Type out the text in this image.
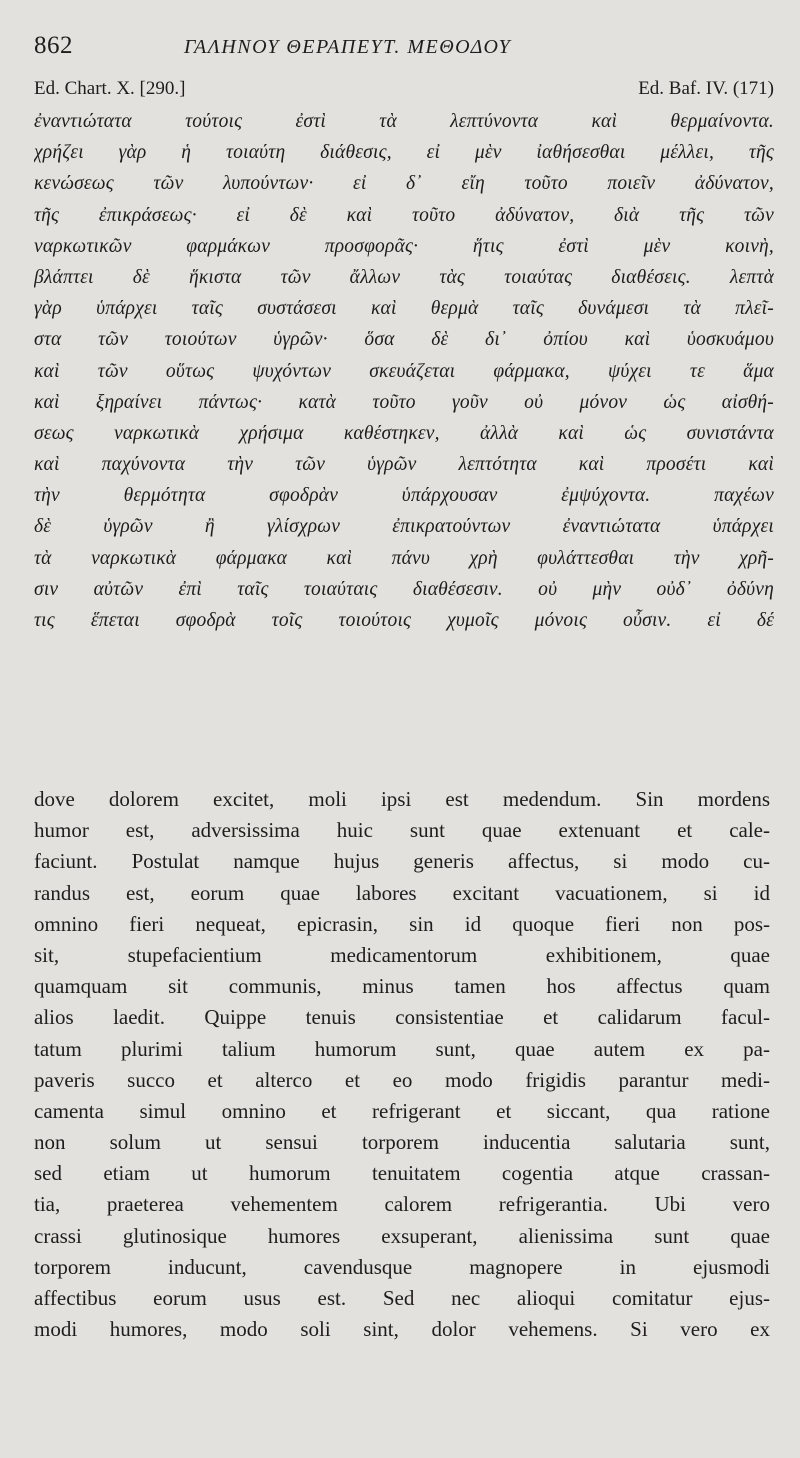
862	ΓΑΛΗΝΟΥ ΘΕΡΑΠΕΥΤ. ΜΕΘΟΔΟΥ
Ed. Chart. X. [290.]	Ed. Baf. IV. (171)
ἐναντιώτατα τούτοις ἐστὶ τὰ λεπτύνοντα καὶ θερμαίνοντα.
χρήζει γὰρ ἡ τοιαύτη διάθεσις, εἰ μὲν ἰαθήσεσθαι μέλλει, τῆς
κενώσεως τῶν λυπούντων· εἰ δ᾿ εἴη τοῦτο ποιεῖν ἀδύνατον,
τῆς ἐπικράσεως· εἰ δὲ καὶ τοῦτο ἀδύνατον, διὰ τῆς τῶν
ναρκωτικῶν φαρμάκων προσφορᾶς· ἥτις ἐστὶ μὲν κοινὴ,
βλάπτει δὲ ἥκιστα τῶν ἄλλων τὰς τοιαύτας διαθέσεις. λεπτὰ
γὰρ ὑπάρχει ταῖς συστάσεσι καὶ θερμὰ ταῖς δυνάμεσι τὰ πλεῖ-
στα τῶν τοιούτων ὑγρῶν· ὅσα δὲ δι᾿ ὀπίου καὶ ὑοσκυάμου
καὶ τῶν οὕτως ψυχόντων σκευάζεται φάρμακα, ψύχει τε ἅμα
καὶ ξηραίνει πάντως· κατὰ τοῦτο γοῦν οὐ μόνον ὡς αἰσθή-
σεως ναρκωτικὰ χρήσιμα καθέστηκεν, ἀλλὰ καὶ ὡς συνιστάντα
καὶ παχύνοντα τὴν τῶν ὑγρῶν λεπτότητα καὶ προσέτι καὶ
τὴν θερμότητα σφοδρὰν ὑπάρχουσαν ἐμψύχοντα. παχέων
δὲ ὑγρῶν ἢ γλίσχρων ἐπικρατούντων ἐναντιώτατα ὑπάρχει
τὰ ναρκωτικὰ φάρμακα καὶ πάνυ χρὴ φυλάττεσθαι τὴν χρῆ-
σιν αὐτῶν ἐπὶ ταῖς τοιαύταις διαθέσεσιν. οὐ μὴν οὐδ᾿ ὀδύνη
τις ἕπεται σφοδρὰ τοῖς τοιούτοις χυμοῖς μόνοις οὖσιν. εἰ δέ
dove dolorem excitet, moli ipsi est medendum. Sin mordens
humor est, adversissima huic sunt quae extenuant et cale-
faciunt. Postulat namque hujus generis affectus, si modo cu-
randus est, eorum quae labores excitant vacuationem, si id
omnino fieri nequeat, epicrasin, sin id quoque fieri non pos-
sit, stupefacientium medicamentorum exhibitionem, quae
quamquam sit communis, minus tamen hos affectus quam
alios laedit. Quippe tenuis consistentiae et calidarum facul-
tatum plurimi talium humorum sunt, quae autem ex pa-
paveris succo et alterco et eo modo frigidis parantur medi-
camenta simul omnino et refrigerant et siccant, qua ratione
non solum ut sensui torporem inducentia salutaria sunt,
sed etiam ut humorum tenuitatem cogentia atque crassan-
tia, praeterea vehementem calorem refrigerantia. Ubi vero
crassi glutinosique humores exsuperant, alienissima sunt quae
torporem inducunt, cavendusque magnopere in ejusmodi
affectibus eorum usus est. Sed nec alioqui comitatur ejus-
modi humores, modo soli sint, dolor vehemens. Si vero ex
